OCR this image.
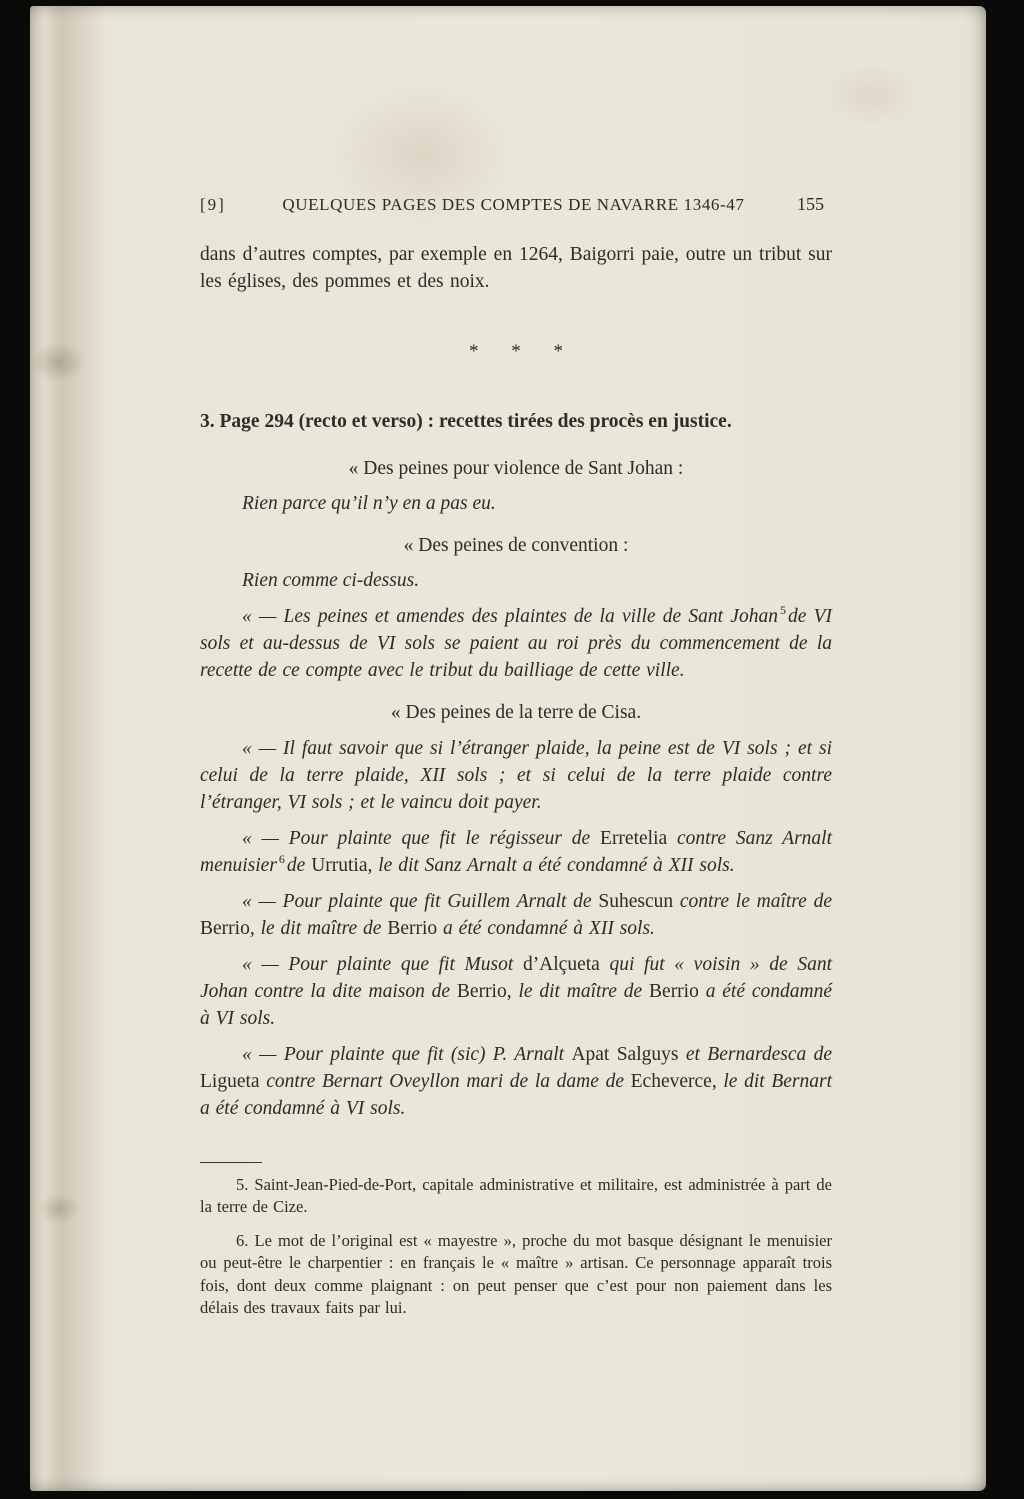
[9]	QUELQUES PAGES DES COMPTES DE NAVARRE 1346-47	155

dans d’autres comptes, par exemple en 1264, Baigorri paie, outre un tribut sur les églises, des pommes et des noix.

* * *

3. Page 294 (recto et verso) : recettes tirées des procès en justice.

« Des peines pour violence de Sant Johan :

Rien parce qu’il n’y en a pas eu.

« Des peines de convention :

Rien comme ci-dessus.

« — Les peines et amendes des plaintes de la ville de Sant Johan $^5$ de VI sols et au-dessus de VI sols se paient au roi près du commencement de la recette de ce compte avec le tribut du bailliage de cette ville.

« Des peines de la terre de Cisa.

« — Il faut savoir que si l’étranger plaide, la peine est de VI sols ; et si celui de la terre plaide, XII sols ; et si celui de la terre plaide contre l’étranger, VI sols ; et le vaincu doit payer.

« — Pour plainte que fit le régisseur de Erretelia contre Sanz Arnalt menuisier $^6$ de Urrutia, le dit Sanz Arnalt a été condamné à XII sols.

« — Pour plainte que fit Guillem Arnalt de Suhescun contre le maître de Berrio, le dit maître de Berrio a été condamné à XII sols.

« — Pour plainte que fit Musot d’Alçueta qui fut « voisin » de Sant Johan contre la dite maison de Berrio, le dit maître de Berrio a été condamné à VI sols.

« — Pour plainte que fit (sic) P. Arnalt Apat Salguys et Bernardesca de Ligueta contre Bernart Oveyllon mari de la dame de Echeverce, le dit Bernart a été condamné à VI sols.

5. Saint-Jean-Pied-de-Port, capitale administrative et militaire, est administrée à part de la terre de Cize.

6. Le mot de l’original est « mayestre », proche du mot basque désignant le menuisier ou peut-être le charpentier : en français le « maître » artisan. Ce personnage apparaît trois fois, dont deux comme plaignant : on peut penser que c’est pour non paiement dans les délais des travaux faits par lui.
